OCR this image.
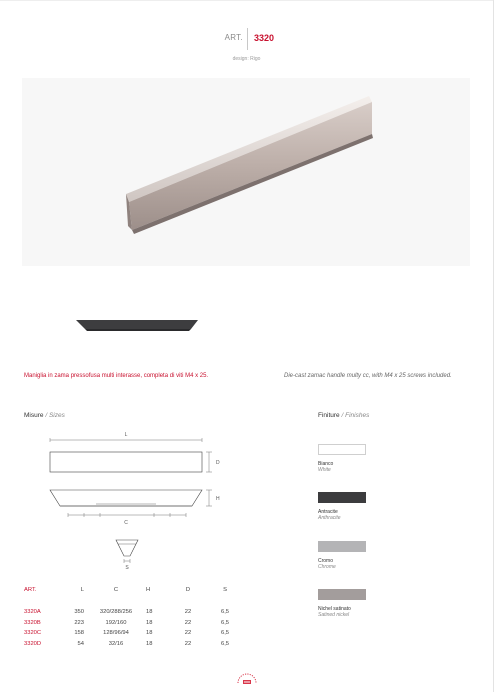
ART. 3320
design: Rigo
Maniglia in zama pressofusa multi interasse, completa di viti M4 x 25.	Die-cast zamac handle multy cc, with M4 x 25 screws included.
Misure / Sizes	Finiture / Finishes
L
D
H
C
S
ART.	L	C	H	D	S

3320A	350	320/288/256	18	22	6,5
3320B	223	192/160	18	22	6,5
3320C	158	128/96/94	18	22	6,5
3320D	54	32/16	18	22	6,5
Bianco
White
Antracite
Anthracite
Cromo
Chrome
Nichel satinato
Satined nickel
